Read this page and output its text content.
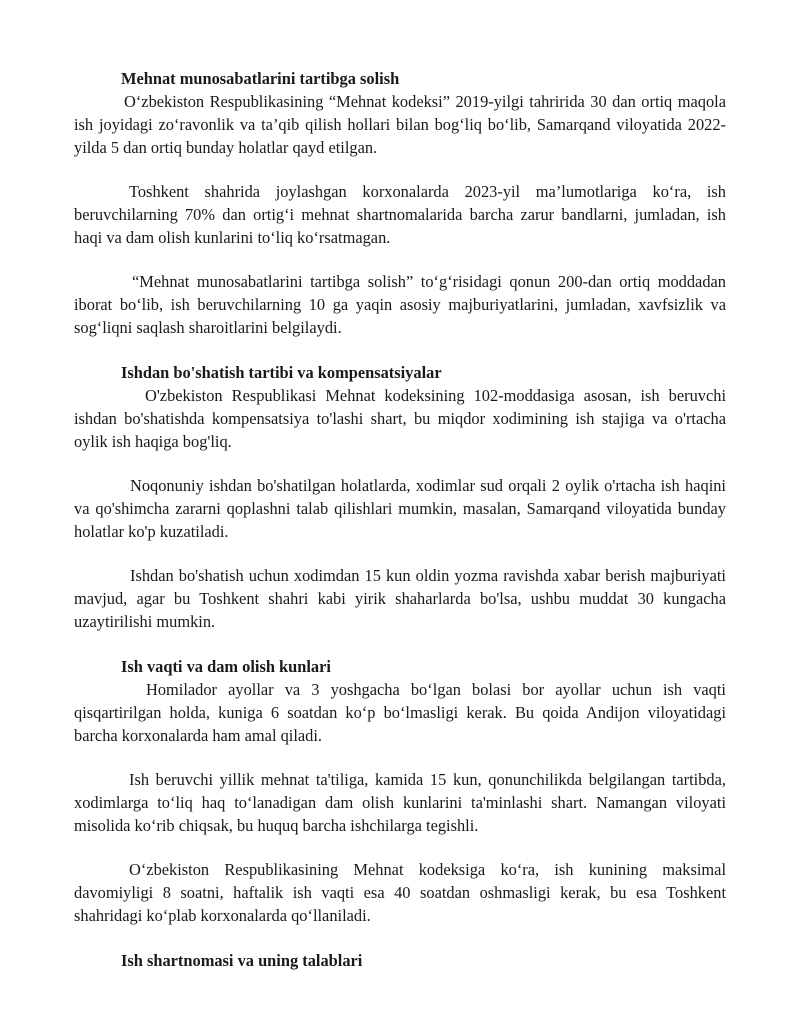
Mehnat munosabatlarini tartibga solish

O‘zbekiston Respublikasining “Mehnat kodeksi” 2019-yilgi tahririda 30 dan ortiq maqola ish joyidagi zo‘ravonlik va ta’qib qilish hollari bilan bog‘liq bo‘lib, Samarqand viloyatida 2022-yilda 5 dan ortiq bunday holatlar qayd etilgan.

Toshkent shahrida joylashgan korxonalarda 2023-yil ma’lumotlariga ko‘ra, ish beruvchilarning 70% dan ortig‘i mehnat shartnomalarida barcha zarur bandlarni, jumladan, ish haqi va dam olish kunlarini to‘liq ko‘rsatmagan.

“Mehnat munosabatlarini tartibga solish” to‘g‘risidagi qonun 200-dan ortiq moddadan iborat bo‘lib, ish beruvchilarning 10 ga yaqin asosiy majburiyatlarini, jumladan, xavfsizlik va sog‘liqni saqlash sharoitlarini belgilaydi.

Ishdan bo'shatish tartibi va kompensatsiyalar

O'zbekiston Respublikasi Mehnat kodeksining 102-moddasiga asosan, ish beruvchi ishdan bo'shatishda kompensatsiya to'lashi shart, bu miqdor xodimining ish stajiga va o'rtacha oylik ish haqiga bog'liq.

Noqonuniy ishdan bo'shatilgan holatlarda, xodimlar sud orqali 2 oylik o'rtacha ish haqini va qo'shimcha zararni qoplashni talab qilishlari mumkin, masalan, Samarqand viloyatida bunday holatlar ko'p kuzatiladi.

Ishdan bo'shatish uchun xodimdan 15 kun oldin yozma ravishda xabar berish majburiyati mavjud, agar bu Toshkent shahri kabi yirik shaharlarda bo'lsa, ushbu muddat 30 kungacha uzaytirilishi mumkin.

Ish vaqti va dam olish kunlari

Homilador ayollar va 3 yoshgacha bo‘lgan bolasi bor ayollar uchun ish vaqti qisqartirilgan holda, kuniga 6 soatdan ko‘p bo‘lmasligi kerak. Bu qoida Andijon viloyatidagi barcha korxonalarda ham amal qiladi.

Ish beruvchi yillik mehnat ta'tiliga, kamida 15 kun, qonunchilikda belgilangan tartibda, xodimlarga to‘liq haq to‘lanadigan dam olish kunlarini ta'minlashi shart. Namangan viloyati misolida ko‘rib chiqsak, bu huquq barcha ishchilarga tegishli.

O‘zbekiston Respublikasining Mehnat kodeksiga ko‘ra, ish kunining maksimal davomiyligi 8 soatni, haftalik ish vaqti esa 40 soatdan oshmasligi kerak, bu esa Toshkent shahridagi ko‘plab korxonalarda qo‘llaniladi.

Ish shartnomasi va uning talablari
